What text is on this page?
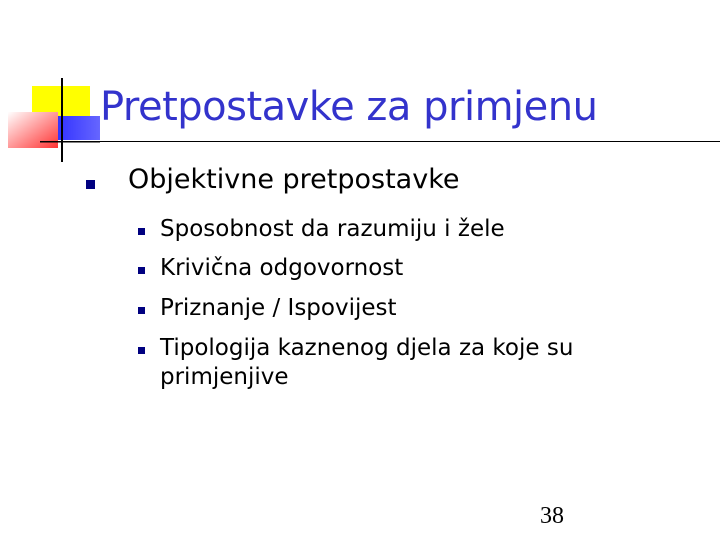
Pretpostavke za primjenu
Objektivne pretpostavke
Sposobnost da razumiju i žele
Krivična odgovornost
Priznanje / Ispovijest
Tipologija kaznenog djela za koje su primjenjive
38
